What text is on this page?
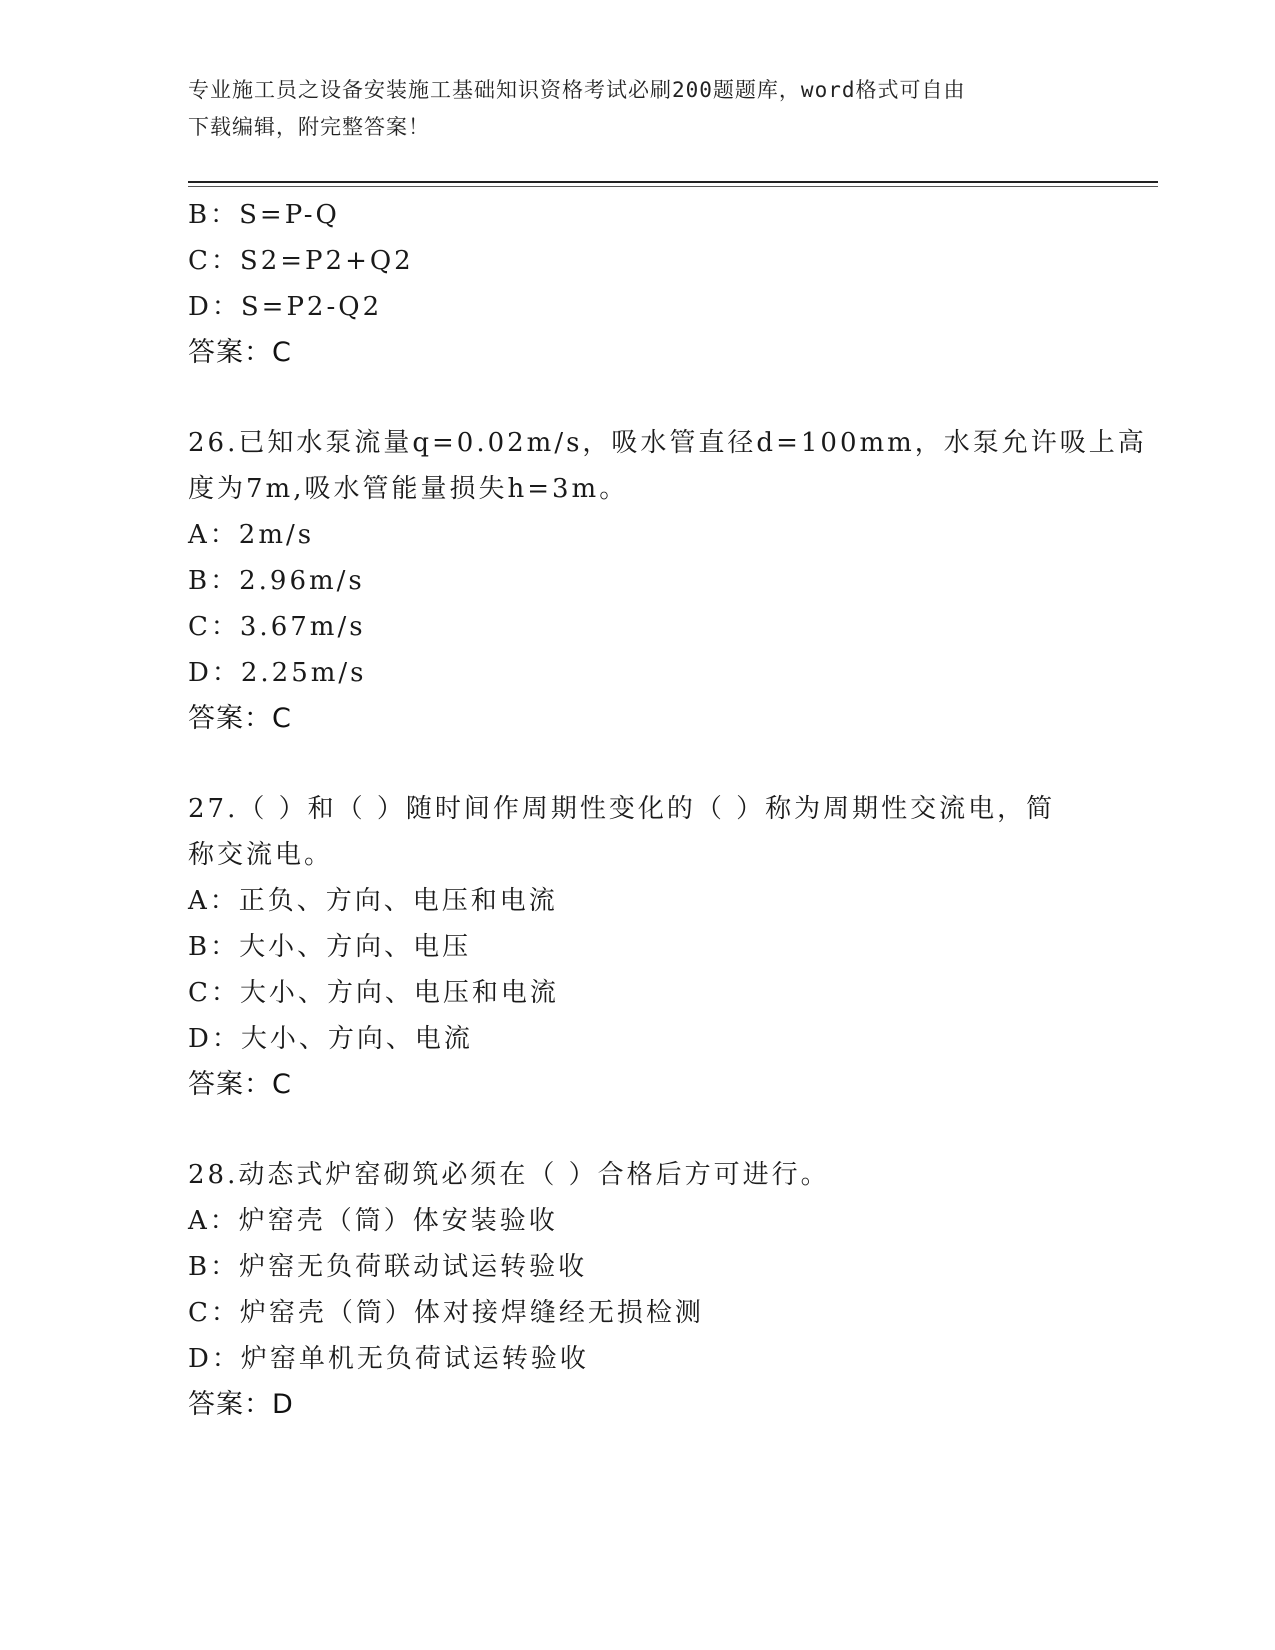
专业施工员之设备安装施工基础知识资格考试必刷200题题库，word格式可自由
下载编辑，附完整答案！
B：S=P-Q
C：S2=P2+Q2
D：S=P2-Q2
答案：C
26.已知水泵流量q=0.02m/s，吸水管直径d=100mm，水泵允许吸上高
度为7m,吸水管能量损失h=3m。
A：2m/s
B：2.96m/s
C：3.67m/s
D：2.25m/s
答案：C
27.（ ）和（ ）随时间作周期性变化的（ ）称为周期性交流电，简
称交流电。
A：正负、方向、电压和电流
B：大小、方向、电压
C：大小、方向、电压和电流
D：大小、方向、电流
答案：C
28.动态式炉窑砌筑必须在（ ）合格后方可进行。
A：炉窑壳（筒）体安装验收
B：炉窑无负荷联动试运转验收
C：炉窑壳（筒）体对接焊缝经无损检测
D：炉窑单机无负荷试运转验收
答案：D
